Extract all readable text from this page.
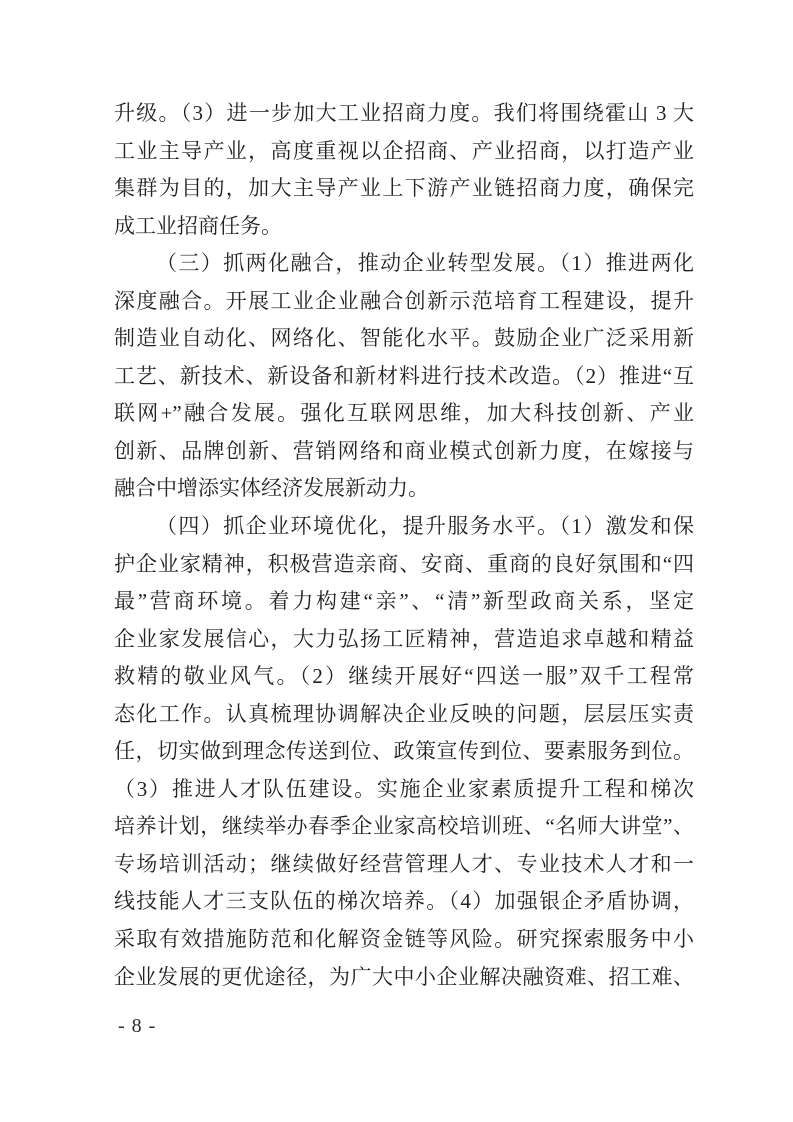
升级。（3）进一步加大工业招商力度。我们将围绕霍山 3 大
工业主导产业，高度重视以企招商、产业招商，以打造产业
集群为目的，加大主导产业上下游产业链招商力度，确保完
成工业招商任务。
（三）抓两化融合，推动企业转型发展。（1）推进两化
深度融合。开展工业企业融合创新示范培育工程建设，提升
制造业自动化、网络化、智能化水平。鼓励企业广泛采用新
工艺、新技术、新设备和新材料进行技术改造。（2）推进“互
联网+”融合发展。强化互联网思维，加大科技创新、产业
创新、品牌创新、营销网络和商业模式创新力度，在嫁接与
融合中增添实体经济发展新动力。
（四）抓企业环境优化，提升服务水平。（1）激发和保
护企业家精神，积极营造亲商、安商、重商的良好氛围和“四
最”营商环境。着力构建“亲”、“清”新型政商关系，坚定
企业家发展信心，大力弘扬工匠精神，营造追求卓越和精益
救精的敬业风气。（2）继续开展好“四送一服”双千工程常
态化工作。认真梳理协调解决企业反映的问题，层层压实责
任，切实做到理念传送到位、政策宣传到位、要素服务到位。
（3）推进人才队伍建设。实施企业家素质提升工程和梯次
培养计划，继续举办春季企业家高校培训班、“名师大讲堂”、
专场培训活动；继续做好经营管理人才、专业技术人才和一
线技能人才三支队伍的梯次培养。（4）加强银企矛盾协调，
采取有效措施防范和化解资金链等风险。研究探索服务中小
企业发展的更优途径，为广大中小企业解决融资难、招工难、
- 8 -
